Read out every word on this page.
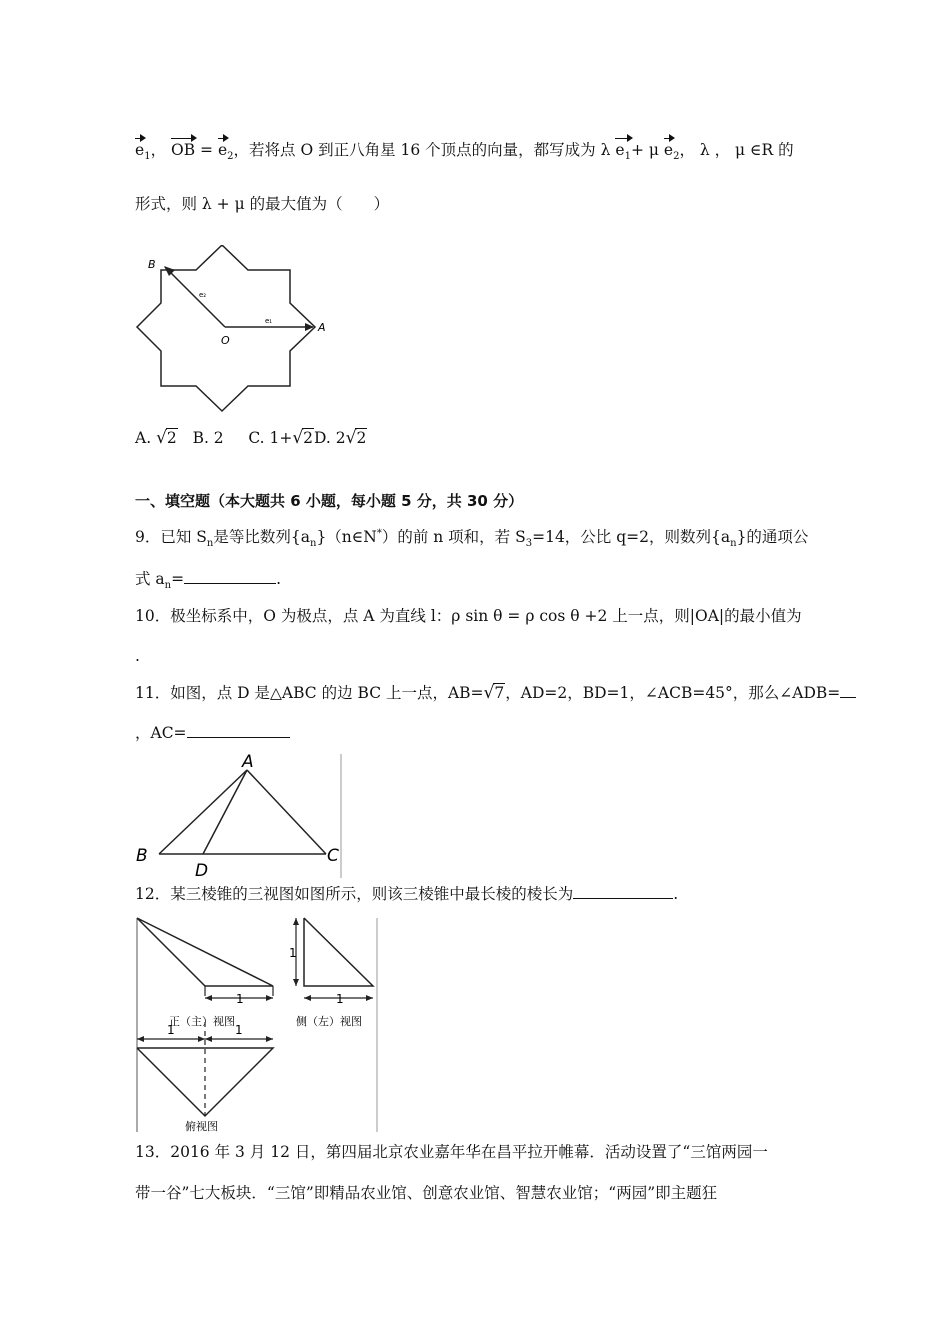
$e_1$， OB = $e_2$，若将点 O 到正八角星 16 个顶点的向量，都写成为 λ $e_1+ \mu$ $e_2$， λ ， μ ∈R 的
形式，则 λ + μ 的最大值为（　　）
B
O
A
e₂
e₁
A. √2 B. 2 C. 1+√2D. 2√2
一、填空题（本大题共 6 小题，每小题 5 分，共 30 分）
9．已知 $S_n$是等比数列$\{a_n\}(n\in N^*)$的前 n 项和，若 $S_3=14$，公比 q=2，则数列$\{a_n\}$的通项公
式 $a_n=$	.
10．极坐标系中，O 为极点，点 A 为直线 l：ρ sin θ = ρ cos θ +2 上一点，则|OA|的最小值为
.
11．如图，点 D 是△ABC 的边 BC 上一点，AB=√7，AD=2，BD=1，∠ACB=45°，那么∠ADB=
，AC=
A
B	C
D
12．某三棱锥的三视图如图所示，则该三棱锥中最长棱的棱长为	.
1
正（主）视图
1
1
侧（左）视图
1	1
俯视图
13．2016 年 3 月 12 日，第四届北京农业嘉年华在昌平拉开帷幕．活动设置了“三馆两园一
带一谷”七大板块．“三馆”即精品农业馆、创意农业馆、智慧农业馆；“两园”即主题狂
